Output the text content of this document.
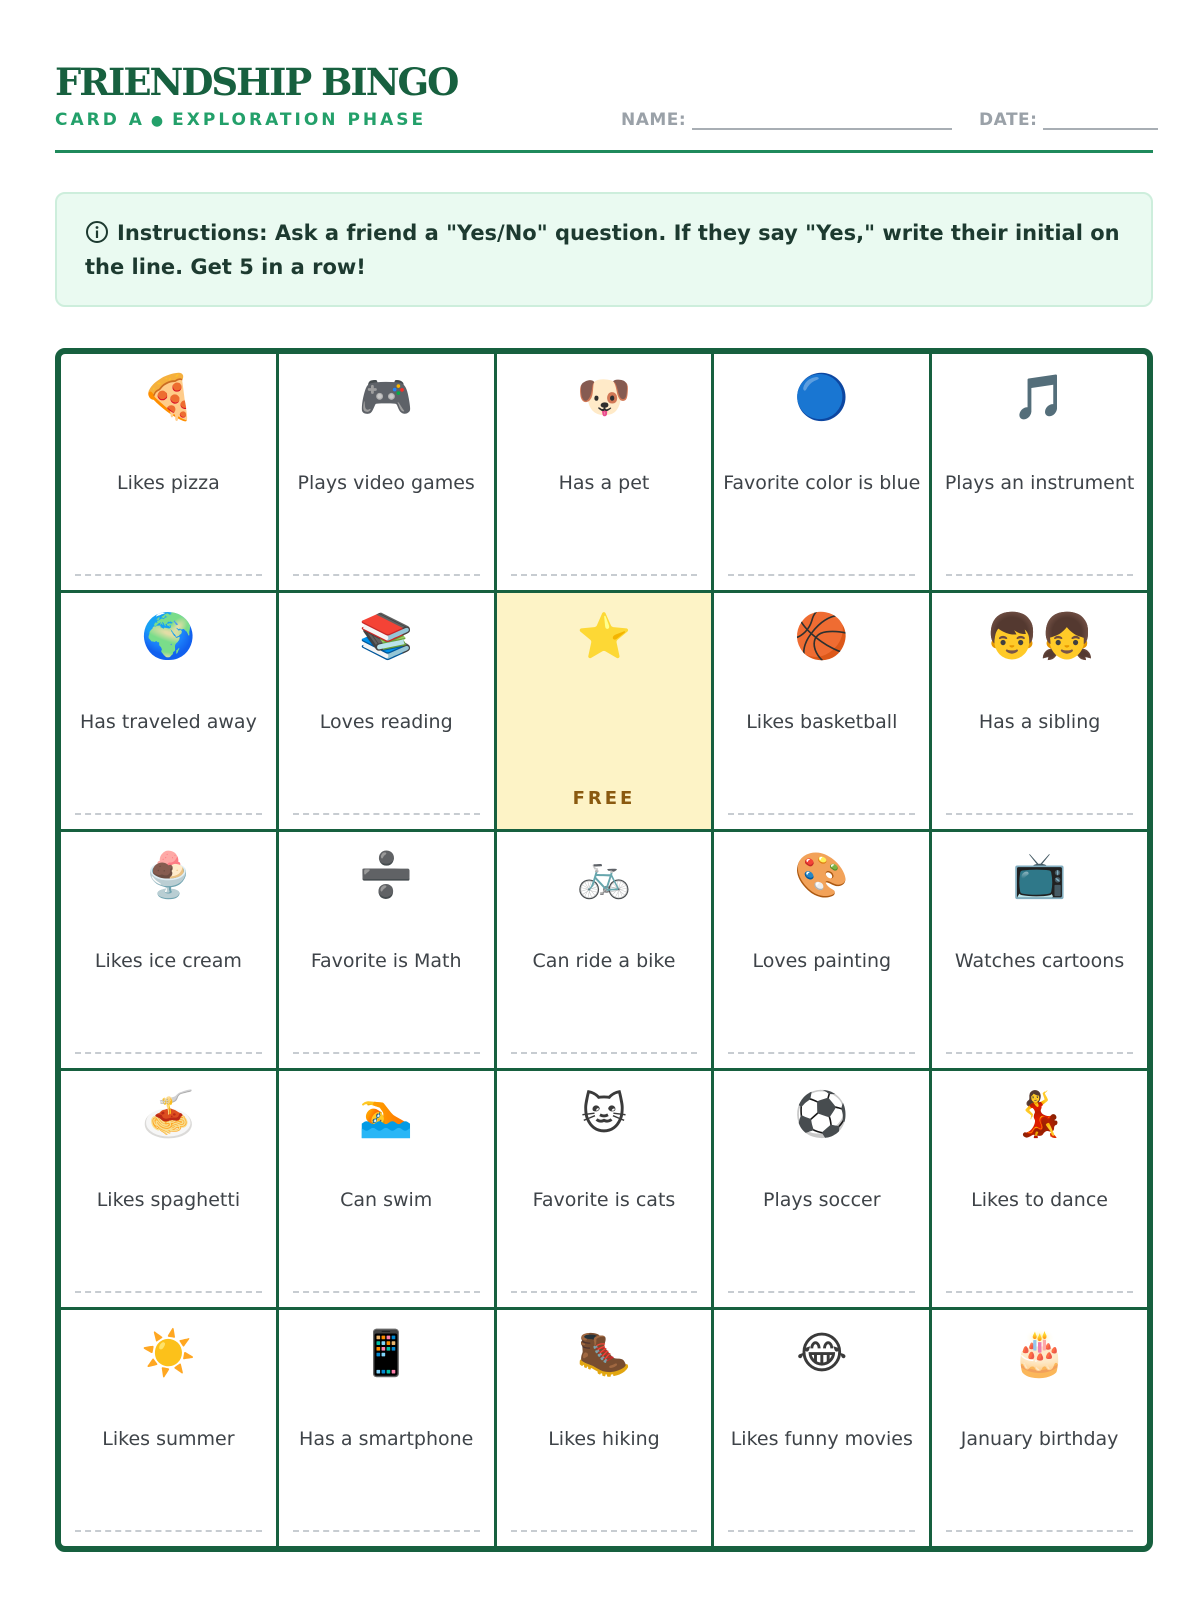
FRIENDSHIP BINGO
CARD A ● EXPLORATION PHASE	NAME:	DATE:
Instructions: Ask a friend a "Yes/No" question. If they say "Yes," write their initial on the line. Get 5 in a row!
🍕
Likes pizza
🎮
Plays video games
🐶
Has a pet
🔵
Favorite color is blue
🎵
Plays an instrument
🌍
Has traveled away
📚
Loves reading
⭐
FREE
🏀
Likes basketball
👦👧
Has a sibling
🍨
Likes ice cream
➗
Favorite is Math
🚲
Can ride a bike
🎨
Loves painting
📺
Watches cartoons
🍝
Likes spaghetti
🏊
Can swim
🐱
Favorite is cats
⚽
Plays soccer
💃
Likes to dance
☀️
Likes summer
📱
Has a smartphone
🥾
Likes hiking
😂
Likes funny movies
🎂
January birthday
